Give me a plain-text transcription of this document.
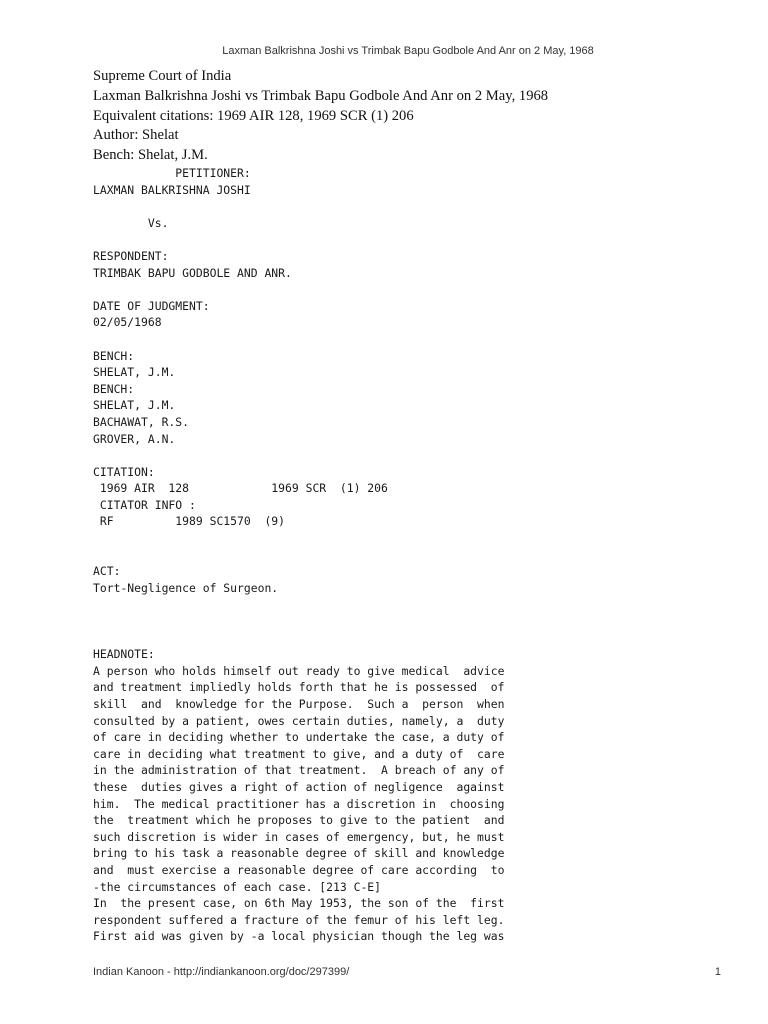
Laxman Balkrishna Joshi vs Trimbak Bapu Godbole And Anr on 2 May, 1968
Supreme Court of India
Laxman Balkrishna Joshi vs Trimbak Bapu Godbole And Anr on 2 May, 1968
Equivalent citations: 1969 AIR 128, 1969 SCR (1) 206
Author: Shelat
Bench: Shelat, J.M.
PETITIONER:
LAXMAN BALKRISHNA JOSHI

Vs.

RESPONDENT:
TRIMBAK BAPU GODBOLE AND ANR.

DATE OF JUDGMENT:
02/05/1968

BENCH:
SHELAT, J.M.
BENCH:
SHELAT, J.M.
BACHAWAT, R.S.
GROVER, A.N.

CITATION:
1969 AIR  128            1969 SCR  (1) 206
CITATOR INFO :
RF         1989 SC1570  (9)

ACT:
Tort-Negligence of Surgeon.

HEADNOTE:
A person who holds himself out ready to give medical  advice
and treatment impliedly holds forth that he is possessed  of
skill  and  knowledge for the Purpose.  Such a  person  when
consulted by a patient, owes certain duties, namely, a  duty
of care in deciding whether to undertake the case, a duty of
care in deciding what treatment to give, and a duty of  care
in the administration of that treatment.  A breach of any of
these  duties gives a right of action of negligence  against
him.  The medical practitioner has a discretion in  choosing
the  treatment which he proposes to give to the patient  and
such discretion is wider in cases of emergency, but, he must
bring to his task a reasonable degree of skill and knowledge
and  must exercise a reasonable degree of care according  to
-the circumstances of each case. [213 C-E]
In  the present case, on 6th May 1953, the son of the  first
respondent suffered a fracture of the femur of his left leg.
First aid was given by -a local physician though the leg was
Indian Kanoon - http://indiankanoon.org/doc/297399/	1
